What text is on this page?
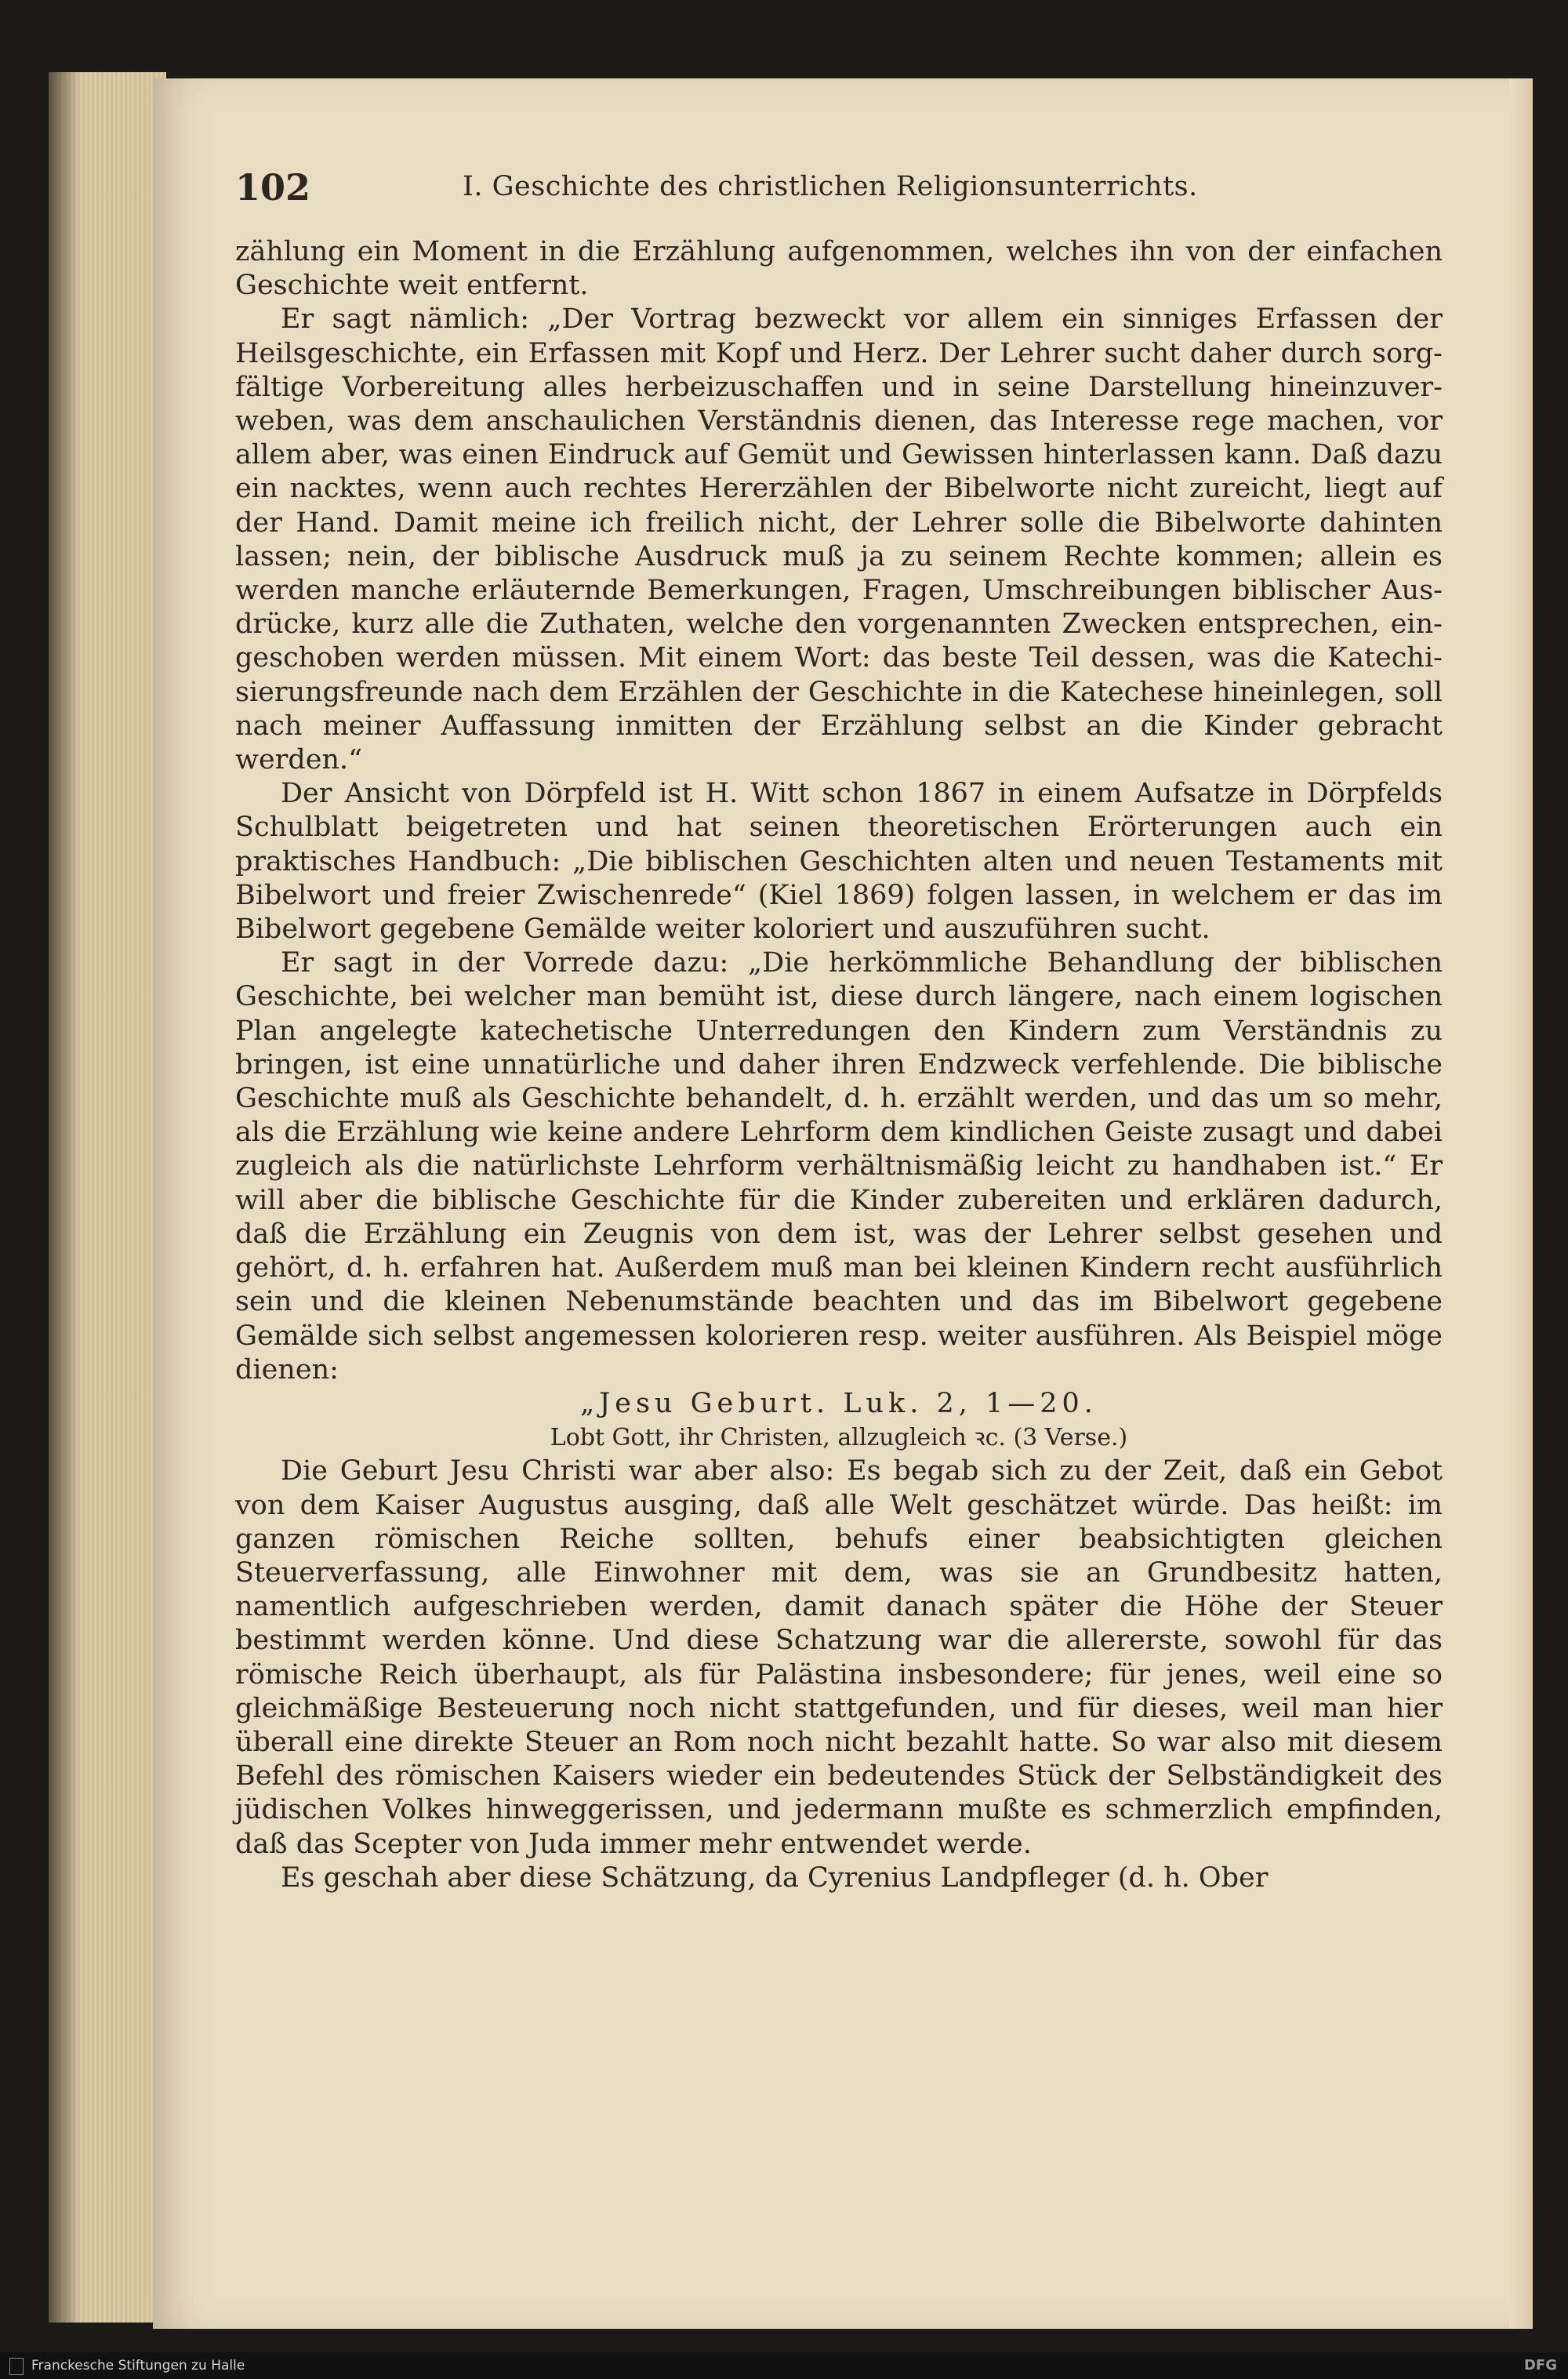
102	I. Geschichte des christlichen Religionsunterrichts.

zählung ein Moment in die Erzählung aufgenommen, welches ihn von der einfachen Geschichte weit entfernt.

Er sagt nämlich: „Der Vortrag bezweckt vor allem ein sinniges Erfassen der Heilsgeschichte, ein Erfassen mit Kopf und Herz. Der Lehrer sucht daher durch sorgfältige Vorbereitung alles herbeizuschaffen und in seine Darstellung hineinzuverweben, was dem anschaulichen Verständnis dienen, das Interesse rege machen, vor allem aber, was einen Eindruck auf Gemüt und Gewissen hinterlassen kann. Daß dazu ein nacktes, wenn auch rechtes Hererzählen der Bibelworte nicht zureicht, liegt auf der Hand. Damit meine ich freilich nicht, der Lehrer solle die Bibelworte dahinten lassen; nein, der biblische Ausdruck muß ja zu seinem Rechte kommen; allein es werden manche erläuternde Bemerkungen, Fragen, Umschreibungen biblischer Ausdrücke, kurz alle die Zuthaten, welche den vorgenannten Zwecken entsprechen, eingeschoben werden müssen. Mit einem Wort: das beste Teil dessen, was die Katechisierungsfreunde nach dem Erzählen der Geschichte in die Katechese hineinlegen, soll nach meiner Auffassung inmitten der Erzählung selbst an die Kinder gebracht werden.“

Der Ansicht von Dörpfeld ist H. Witt schon 1867 in einem Aufsatze in Dörpfelds Schulblatt beigetreten und hat seinen theoretischen Erörterungen auch ein praktisches Handbuch: „Die biblischen Geschichten alten und neuen Testaments mit Bibelwort und freier Zwischenrede“ (Kiel 1869) folgen lassen, in welchem er das im Bibelwort gegebene Gemälde weiter koloriert und auszuführen sucht.

Er sagt in der Vorrede dazu: „Die herkömmliche Behandlung der biblischen Geschichte, bei welcher man bemüht ist, diese durch längere, nach einem logischen Plan angelegte katechetische Unterredungen den Kindern zum Verständnis zu bringen, ist eine unnatürliche und daher ihren Endzweck verfehlende. Die biblische Geschichte muß als Geschichte behandelt, d. h. erzählt werden, und das um so mehr, als die Erzählung wie keine andere Lehrform dem kindlichen Geiste zusagt und dabei zugleich als die natürlichste Lehrform verhältnismäßig leicht zu handhaben ist.“ Er will aber die biblische Geschichte für die Kinder zubereiten und erklären dadurch, daß die Erzählung ein Zeugnis von dem ist, was der Lehrer selbst gesehen und gehört, d. h. erfahren hat. Außerdem muß man bei kleinen Kindern recht ausführlich sein und die kleinen Nebenumstände beachten und das im Bibelwort gegebene Gemälde sich selbst angemessen kolorieren resp. weiter ausführen. Als Beispiel möge dienen:

„Jesu Geburt. Luk. 2, 1—20.

Lobt Gott, ihr Christen, allzugleich ꝛc. (3 Verse.)

Die Geburt Jesu Christi war aber also: Es begab sich zu der Zeit, daß ein Gebot von dem Kaiser Augustus ausging, daß alle Welt geschätzet würde. Das heißt: im ganzen römischen Reiche sollten, behufs einer beabsichtigten gleichen Steuerverfassung, alle Einwohner mit dem, was sie an Grundbesitz hatten, namentlich aufgeschrieben werden, damit danach später die Höhe der Steuer bestimmt werden könne. Und diese Schatzung war die allererste, sowohl für das römische Reich überhaupt, als für Palästina insbesondere; für jenes, weil eine so gleichmäßige Besteuerung noch nicht stattgefunden, und für dieses, weil man hier überall eine direkte Steuer an Rom noch nicht bezahlt hatte. So war also mit diesem Befehl des römischen Kaisers wieder ein bedeutendes Stück der Selbständigkeit des jüdischen Volkes hinweggerissen, und jedermann mußte es schmerzlich empfinden, daß das Scepter von Juda immer mehr entwendet werde.

Es geschah aber diese Schätzung, da Cyrenius Landpfleger (d. h. Ober

Franckesche Stiftungen zu Halle	DFG
